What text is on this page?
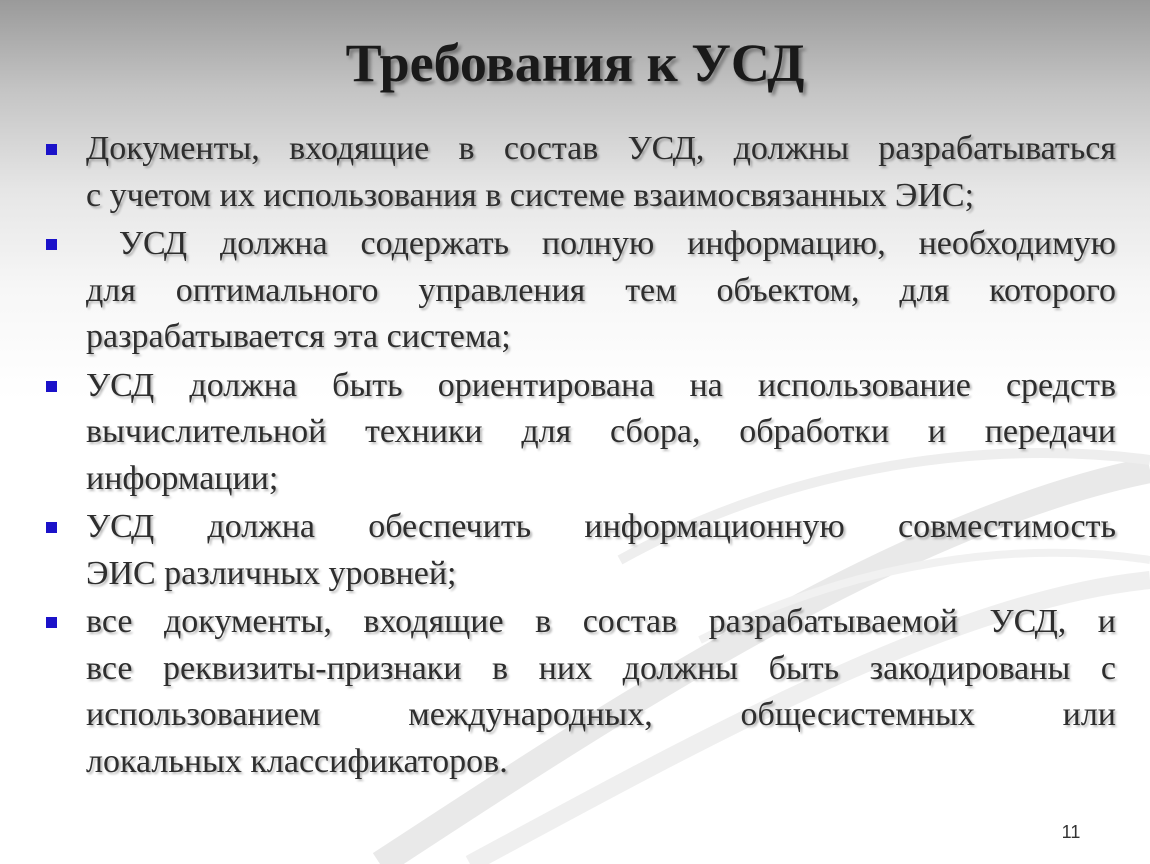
Требования к УСД
Документы, входящие в состав УСД, должны разрабатываться
с учетом их использования в системе взаимосвязанных ЭИС;
УСД должна содержать полную информацию, необходимую
для оптимального управления тем объектом, для которого
разрабатывается эта система;
УСД должна быть ориентирована на использование средств
вычислительной техники для сбора, обработки и передачи
информации;
УСД должна обеспечить информационную совместимость
ЭИС различных уровней;
все документы, входящие в состав разрабатываемой УСД, и
все реквизиты-признаки в них должны быть закодированы с
использованием международных, общесистемных или
локальных классификаторов.
11
